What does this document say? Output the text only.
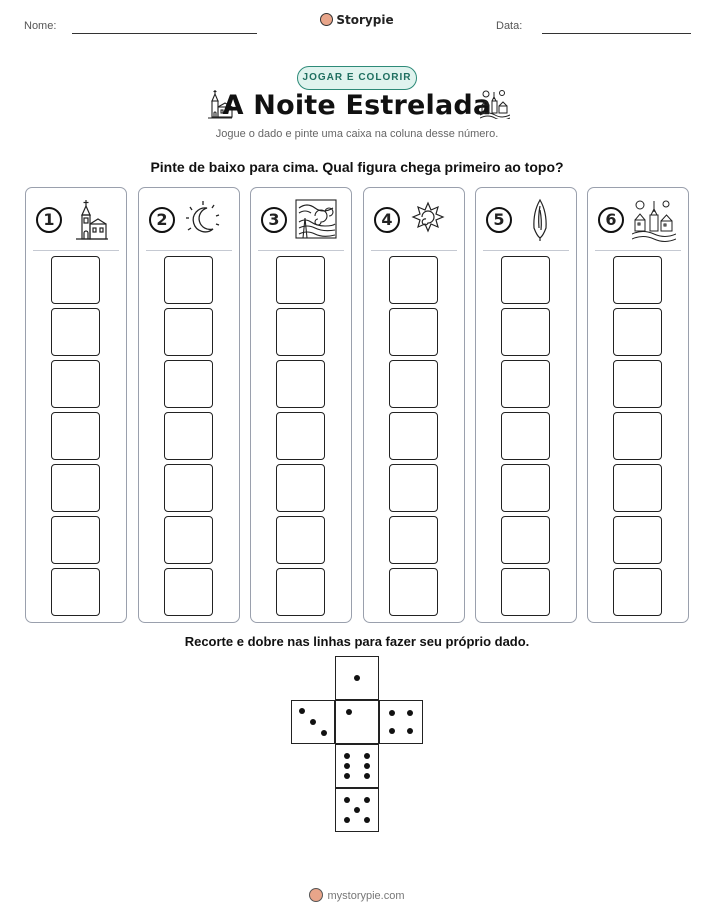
Nome:	Storypie	Data:
JOGAR E COLORIR
A Noite Estrelada
Jogue o dado e pinte uma caixa na coluna desse número.
Pinte de baixo para cima. Qual figura chega primeiro ao topo?
1	2	3	4	5	6
Recorte e dobre nas linhas para fazer seu próprio dado.
mystorypie.com
